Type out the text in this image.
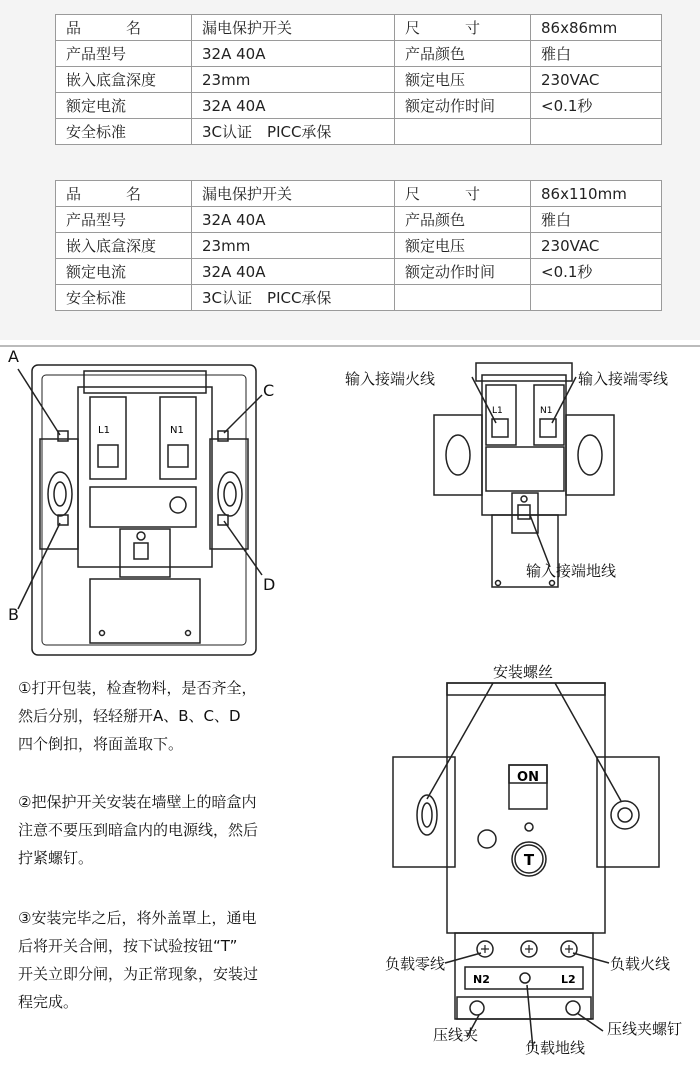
品　　　名	漏电保护开关	尺　　　寸	86x86mm
产品型号	32A 40A	产品颜色	雅白
嵌入底盒深度	23mm	额定电压	230VAC
额定电流	32A 40A	额定动作时间	<0.1秒
安全标准	3C认证　PICC承保		
品　　　名	漏电保护开关	尺　　　寸	86x110mm
产品型号	32A 40A	产品颜色	雅白
嵌入底盒深度	23mm	额定电压	230VAC
额定电流	32A 40A	额定动作时间	<0.1秒
安全标准	3C认证　PICC承保		
L1	N1
A
B
C
D
L1	N1
输入接端火线	输入接端零线
输入接端地线
ON
T
N2	L2
安装螺丝
负载零线	负载火线
压线夹
负载地线
压线夹螺钉
①打开包装，检查物料，是否齐全，
然后分别，轻轻掰开A、B、C、D
四个倒扣，将面盖取下。
②把保护开关安装在墙壁上的暗盒内
注意不要压到暗盒内的电源线，然后
拧紧螺钉。
③安装完毕之后，将外盖罩上，通电
后将开关合闸，按下试验按钮“T”
开关立即分闸，为正常现象，安装过
程完成。
